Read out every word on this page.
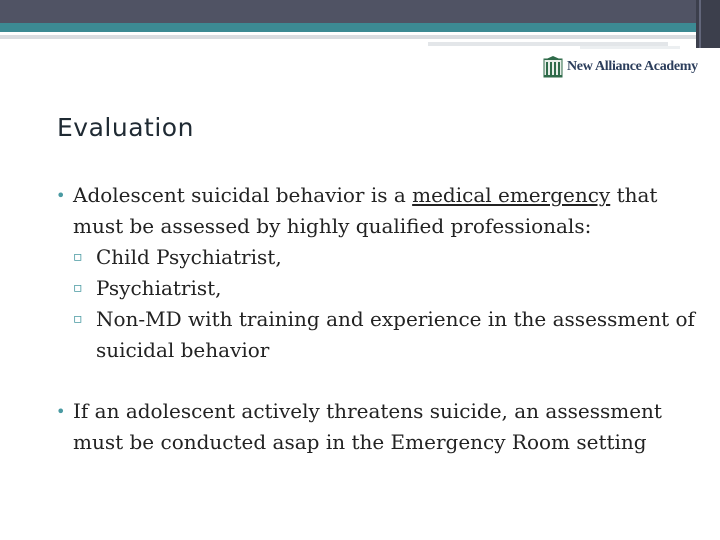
New Alliance Academy
Evaluation
• Adolescent suicidal behavior is a medical emergency that must be assessed by highly qualified professionals:
▫ Child Psychiatrist,
▫ Psychiatrist,
▫ Non-MD with training and experience in the assessment of suicidal behavior
• If an adolescent actively threatens suicide, an assessment must be conducted asap in the Emergency Room setting
